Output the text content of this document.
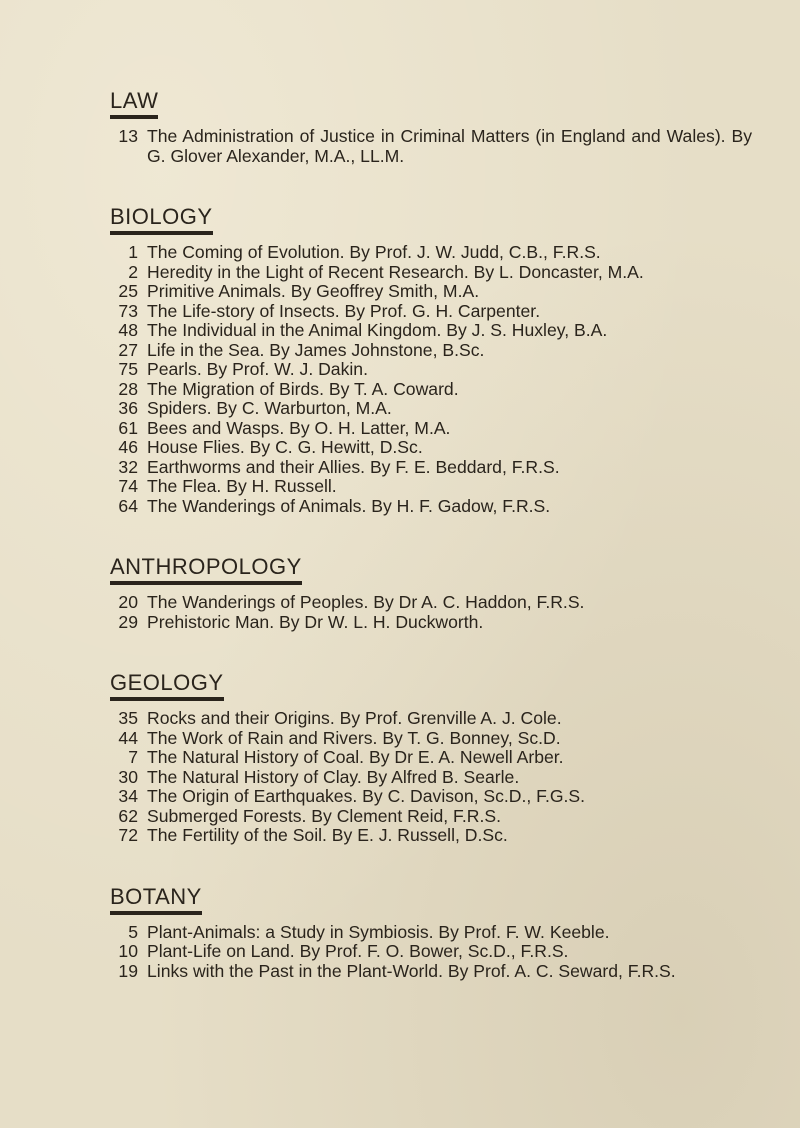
LAW
13 The Administration of Justice in Criminal Matters (in England and Wales). By G. Glover Alexander, M.A., LL.M.
BIOLOGY
1 The Coming of Evolution. By Prof. J. W. Judd, C.B., F.R.S.
2 Heredity in the Light of Recent Research. By L. Doncaster, M.A.
25 Primitive Animals. By Geoffrey Smith, M.A.
73 The Life-story of Insects. By Prof. G. H. Carpenter.
48 The Individual in the Animal Kingdom. By J. S. Huxley, B.A.
27 Life in the Sea. By James Johnstone, B.Sc.
75 Pearls. By Prof. W. J. Dakin.
28 The Migration of Birds. By T. A. Coward.
36 Spiders. By C. Warburton, M.A.
61 Bees and Wasps. By O. H. Latter, M.A.
46 House Flies. By C. G. Hewitt, D.Sc.
32 Earthworms and their Allies. By F. E. Beddard, F.R.S.
74 The Flea. By H. Russell.
64 The Wanderings of Animals. By H. F. Gadow, F.R.S.
ANTHROPOLOGY
20 The Wanderings of Peoples. By Dr A. C. Haddon, F.R.S.
29 Prehistoric Man. By Dr W. L. H. Duckworth.
GEOLOGY
35 Rocks and their Origins. By Prof. Grenville A. J. Cole.
44 The Work of Rain and Rivers. By T. G. Bonney, Sc.D.
7 The Natural History of Coal. By Dr E. A. Newell Arber.
30 The Natural History of Clay. By Alfred B. Searle.
34 The Origin of Earthquakes. By C. Davison, Sc.D., F.G.S.
62 Submerged Forests. By Clement Reid, F.R.S.
72 The Fertility of the Soil. By E. J. Russell, D.Sc.
BOTANY
5 Plant-Animals: a Study in Symbiosis. By Prof. F. W. Keeble.
10 Plant-Life on Land. By Prof. F. O. Bower, Sc.D., F.R.S.
19 Links with the Past in the Plant-World. By Prof. A. C. Seward, F.R.S.
